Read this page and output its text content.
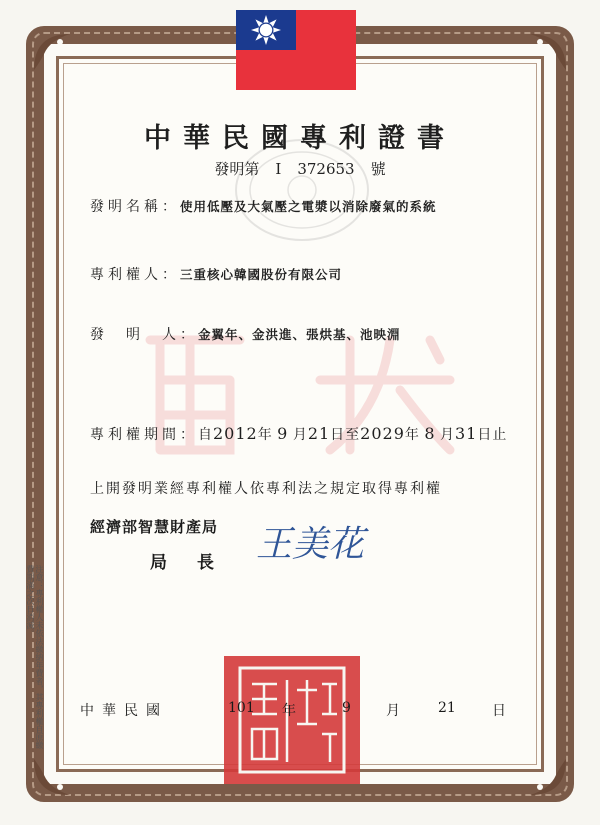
中華民國專利證書
發明第 I 372653 號
發明名稱：使用低壓及大氣壓之電漿以消除廢氣的系統
專利權人：三重核心韓國股份有限公司
發　明　人：金翼年、金洪進、張烘基、池映淵
專利權期間：自2012年 9 月21日至2029年 8 月31日止
上開發明業經專利權人依專利法之規定取得專利權
經濟部智慧財產局
局長 王美花
中華民國	101 年	9	月	21	日
注意：專利權人未依法繳納年費者，其專利權自原繳費期滿之次日消滅。
